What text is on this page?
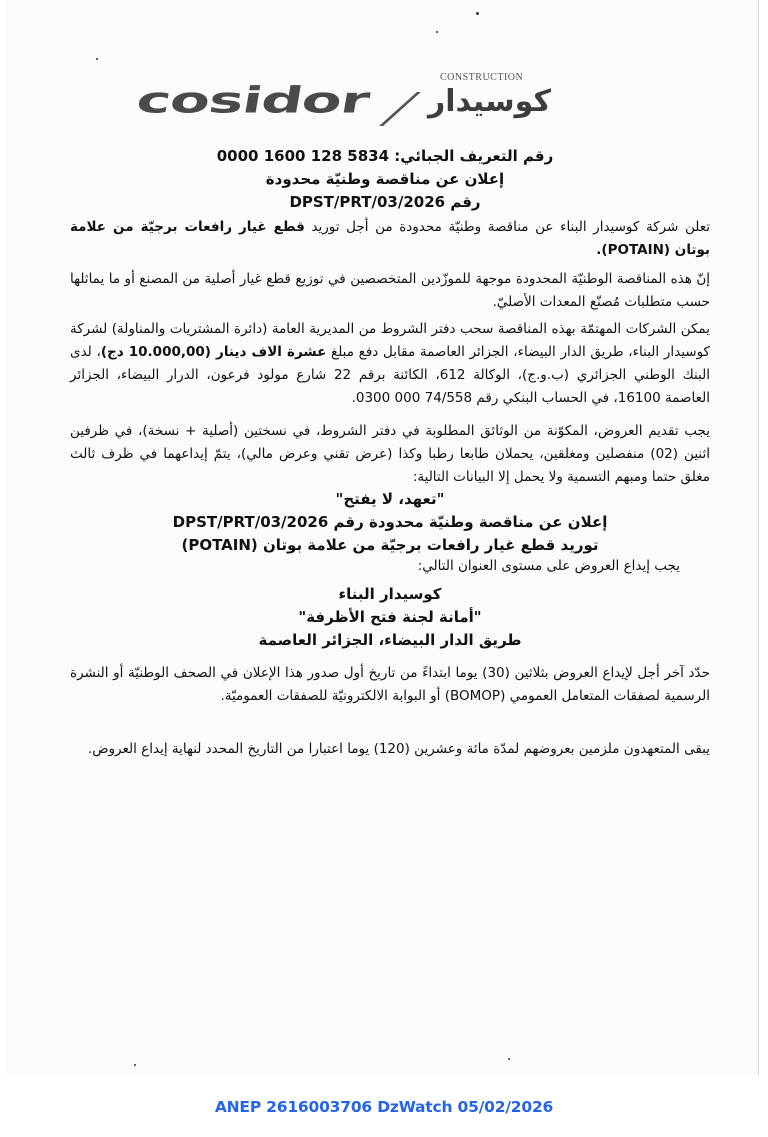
cosidor
CONSTRUCTION
كوسيدار
رقم التعريف الجبائي: 5834 128 1600 0000
إعلان عن مناقصة وطنيّة محدودة
رقم 03/2026/DPST/PRT
تعلن شركة كوسيدار البناء عن مناقصة وطنيّة محدودة من أجل توريد قطع غيار رافعات برجيّة من علامة بوتان (POTAIN).
إنّ هذه المناقصة الوطنيّة المحدودة موجهة للموزّدين المتخصصين في توزيع قطع غيار أصلية من المصنع أو ما يماثلها حسب متطلبات مُصنّع المعدات الأصليّ.
يمكن الشركات المهتمّة بهذه المناقصة سحب دفتر الشروط من المديرية العامة (دائرة المشتريات والمناولة) لشركة كوسيدار البناء، طريق الدار البيضاء، الجزائر العاصمة مقابل دفع مبلغ عشرة الاف دينار (10.000,00 دج)، لدى البنك الوطني الجزائري (ب.و.ج)، الوكالة 612، الكائنة برقم 22 شارع مولود فرعون، الدرار البيضاء، الجزائر العاصمة 16100، في الحساب البنكي رقم 74/558 000 0300.
يجب تقديم العروض، المكوّنة من الوثائق المطلوبة في دفتر الشروط، في نسختين (أصلية + نسخة)، في ظرفين اثنين (02) منفصلين ومغلقين، يحملان طابعا رطبا وكذا (عرض تقني وعرض مالي)، يتمّ إيداعهما في ظرف ثالث مغلق حتما ومبهم التسمية ولا يحمل إلا البيانات التالية:
"تعهد، لا يفتح"
إعلان عن مناقصة وطنيّة محدودة رقم 03/2026/DPST/PRT
توريد قطع غيار رافعات برجيّة من علامة بوتان (POTAIN)
يجب إيداع العروض على مستوى العنوان التالي:
كوسيدار البناء
"أمانة لجنة فتح الأظرفة"
طريق الدار البيضاء، الجزائر العاصمة
حدّد آخر أجل لإيداع العروض بثلاثين (30) يوما ابتداءً من تاريخ أول صدور هذا الإعلان في الصحف الوطنيّة أو النشرة الرسمية لصفقات المتعامل العمومي (BOMOP) أو البوابة الالكترونيّة للصفقات العموميّة.
يبقى المتعهدون ملزمين بعروضهم لمدّة مائة وعشرين (120) يوما اعتبارا من التاريخ المحدد لنهاية إيداع العروض.
ANEP 2616003706 DzWatch 05/02/2026
